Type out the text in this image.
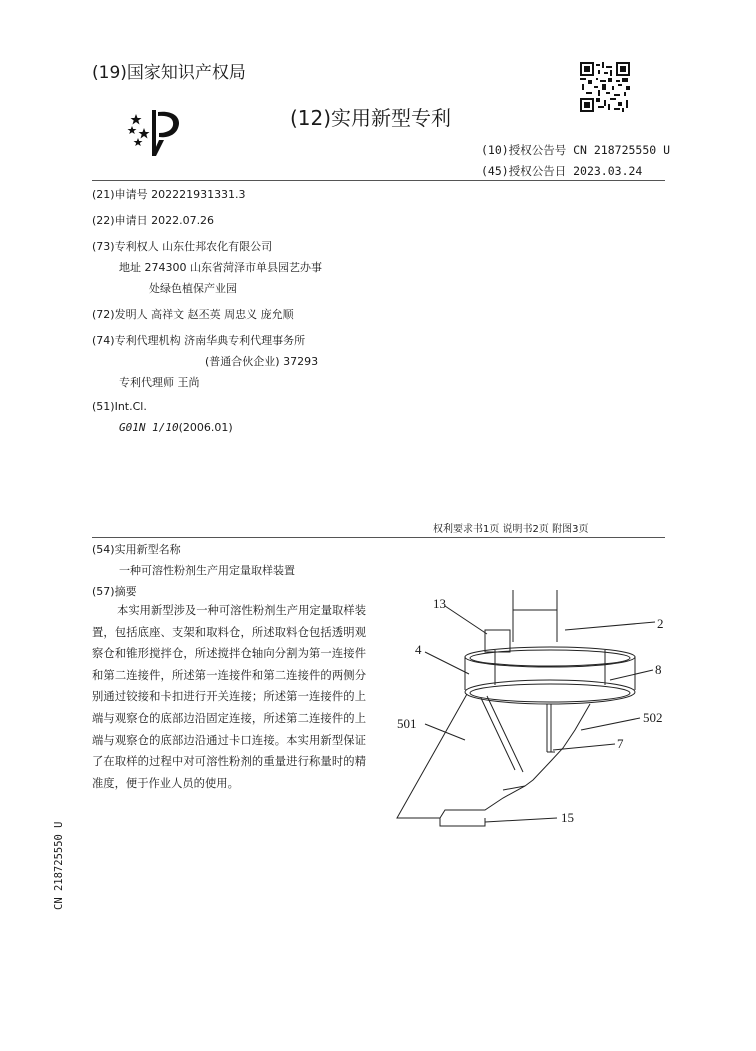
(19)国家知识产权局
(12)实用新型专利
(10)授权公告号 CN 218725550 U
(45)授权公告日 2023.03.24
(21)申请号 202221931331.3
(22)申请日 2022.07.26
(73)专利权人 山东仕邦农化有限公司
地址 274300 山东省菏泽市单县园艺办事
处绿色植保产业园
(72)发明人 高祥文 赵丕英 周忠义 庞允顺
(74)专利代理机构 济南华典专利代理事务所
(普通合伙企业) 37293
专利代理师 王尚
(51)Int.Cl.
G01N 1/10(2006.01)
权利要求书1页 说明书2页 附图3页
(54)实用新型名称
一种可溶性粉剂生产用定量取样装置
(57)摘要
本实用新型涉及一种可溶性粉剂生产用定量取样装置，包括底座、支架和取料仓，所述取料仓包括透明观察仓和锥形搅拌仓，所述搅拌仓轴向分割为第一连接件和第二连接件，所述第一连接件和第二连接件的两侧分别通过铰接和卡扣进行开关连接；所述第一连接件的上端与观察仓的底部边沿固定连接，所述第二连接件的上端与观察仓的底部边沿通过卡口连接。本实用新型保证了在取样的过程中对可溶性粉剂的重量进行称量时的精准度，便于作业人员的使用。
13
2
4
8
501	502
7
15
CN 218725550 U
